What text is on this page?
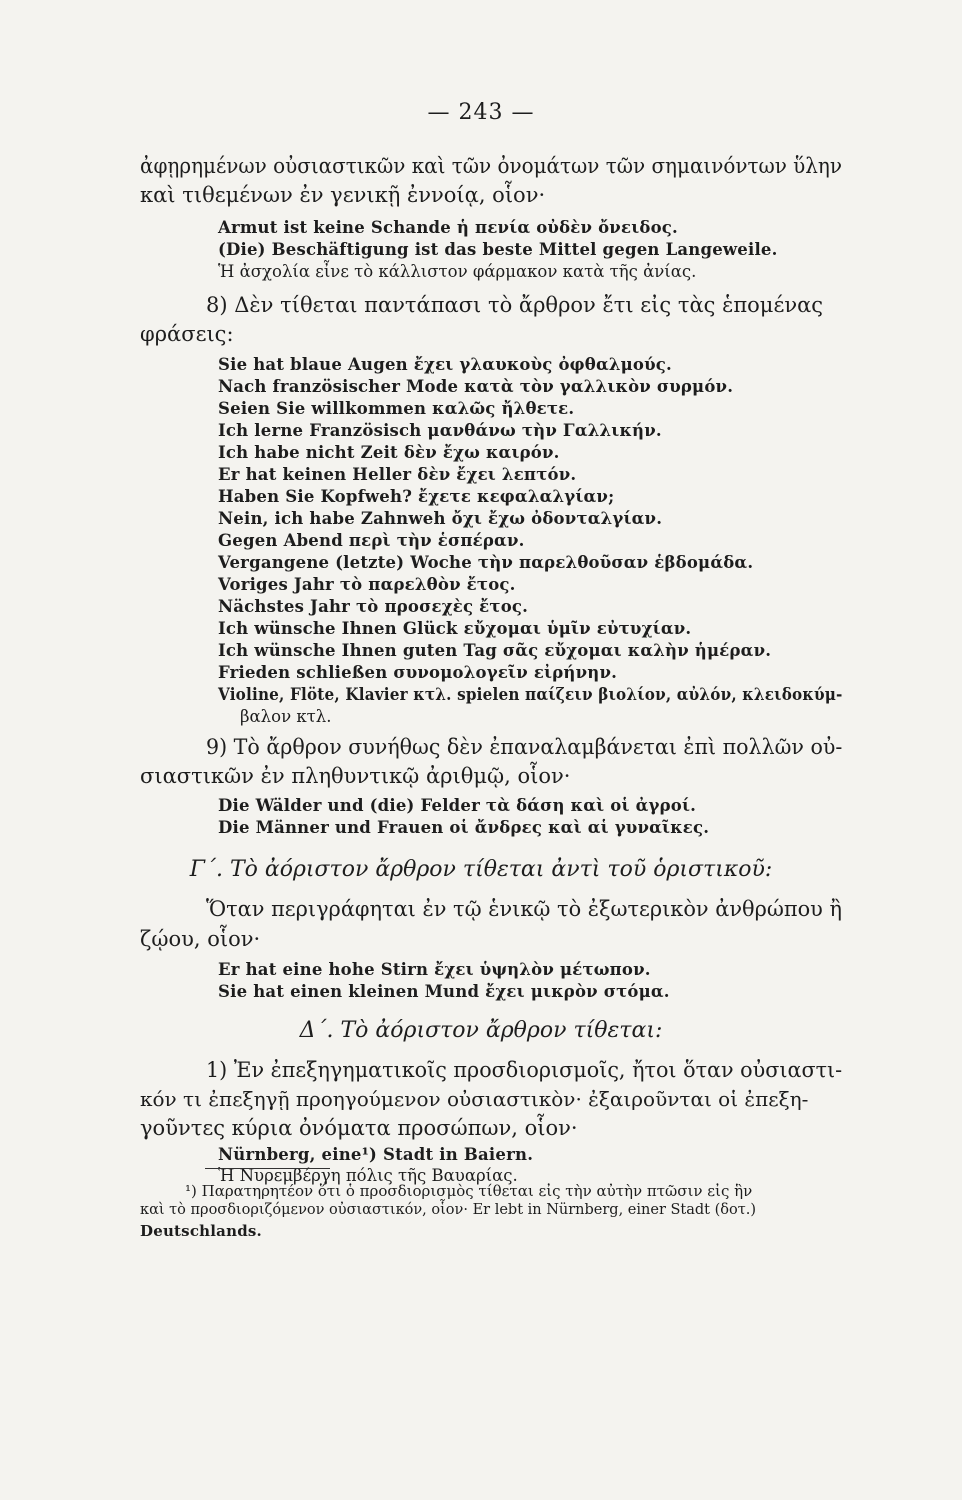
— 243 —
ἀφῃρημένων οὐσιαστικῶν καὶ τῶν ὀνομάτων τῶν σημαινόντων ὕλην
καὶ τιθεμένων ἐν γενικῇ ἐννοίᾳ, οἷον·
Armut ist keine Schande ἡ πενία οὐδὲν ὄνειδος.
(Die) Beschäftigung ist das beste Mittel gegen Langeweile.
Ἡ ἀσχολία εἶνε τὸ κάλλιστον φάρμακον κατὰ τῆς ἀνίας.
8) Δὲν τίθεται παντάπασι τὸ ἄρθρον ἔτι εἰς τὰς ἑπομένας
φράσεις:
Sie hat blaue Augen ἔχει γλαυκοὺς ὀφθαλμούς.
Nach französischer Mode κατὰ τὸν γαλλικὸν συρμόν.
Seien Sie willkommen καλῶς ἤλθετε.
Ich lerne Französisch μανθάνω τὴν Γαλλικήν.
Ich habe nicht Zeit δὲν ἔχω καιρόν.
Er hat keinen Heller δὲν ἔχει λεπτόν.
Haben Sie Kopfweh? ἔχετε κεφαλαλγίαν;
Nein, ich habe Zahnweh ὄχι ἔχω ὀδονταλγίαν.
Gegen Abend περὶ τὴν ἑσπέραν.
Vergangene (letzte) Woche τὴν παρελθοῦσαν ἑβδομάδα.
Voriges Jahr τὸ παρελθὸν ἔτος.
Nächstes Jahr τὸ προσεχὲς ἔτος.
Ich wünsche Ihnen Glück εὔχομαι ὑμῖν εὐτυχίαν.
Ich wünsche Ihnen guten Tag σᾶς εὔχομαι καλὴν ἡμέραν.
Frieden schließen συνομολογεῖν εἰρήνην.
Violine, Flöte, Klavier κτλ. spielen παίζειν βιολίον, αὐλόν, κλειδοκύμ-
βαλον κτλ.
9) Τὸ ἄρθρον συνήθως δὲν ἐπαναλαμβάνεται ἐπὶ πολλῶν οὐ-
σιαστικῶν ἐν πληθυντικῷ ἀριθμῷ, οἷον·
Die Wälder und (die) Felder τὰ δάση καὶ οἱ ἀγροί.
Die Männer und Frauen οἱ ἄνδρες καὶ αἱ γυναῖκες.
Γ΄. Τὸ ἀόριστον ἄρθρον τίθεται ἀντὶ τοῦ ὁριστικοῦ:
Ὅταν περιγράφηται ἐν τῷ ἑνικῷ τὸ ἐξωτερικὸν ἀνθρώπου ἢ
ζῴου, οἷον·
Er hat eine hohe Stirn ἔχει ὑψηλὸν μέτωπον.
Sie hat einen kleinen Mund ἔχει μικρὸν στόμα.
Δ΄. Τὸ ἀόριστον ἄρθρον τίθεται:
1) Ἐν ἐπεξηγηματικοῖς προσδιορισμοῖς, ἤτοι ὅταν οὐσιαστι-
κόν τι ἐπεξηγῇ προηγούμενον οὐσιαστικὸν· ἐξαιροῦνται οἱ ἐπεξη-
γοῦντες κύρια ὀνόματα προσώπων, οἷον·
Nürnberg, eine¹) Stadt in Baiern.
Ἡ Νυρεμβέργη πόλις τῆς Βαυαρίας.
¹) Παρατηρητέον ὅτι ὁ προσδιορισμὸς τίθεται εἰς τὴν αὐτὴν πτῶσιν εἰς ἣν
καὶ τὸ προσδιοριζόμενον οὐσιαστικόν, οἷον· Er lebt in Nürnberg, einer Stadt (δοτ.)
Deutschlands.
